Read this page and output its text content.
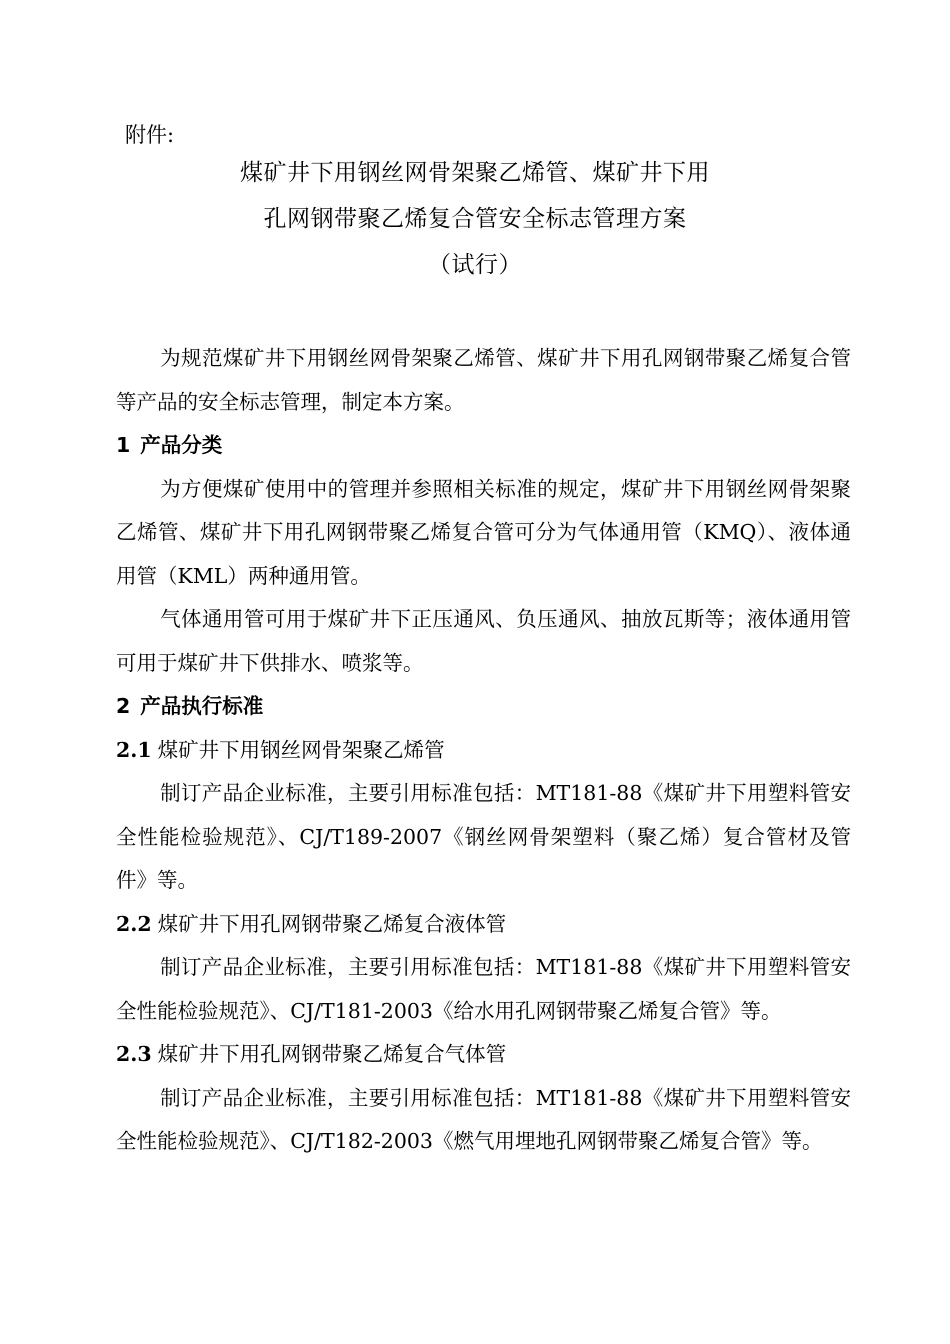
附件:
煤矿井下用钢丝网骨架聚乙烯管、煤矿井下用
孔网钢带聚乙烯复合管安全标志管理方案
（试行）

为规范煤矿井下用钢丝网骨架聚乙烯管、煤矿井下用孔网钢带聚乙烯复合管等产品的安全标志管理，制定本方案。

1 产品分类

为方便煤矿使用中的管理并参照相关标准的规定，煤矿井下用钢丝网骨架聚乙烯管、煤矿井下用孔网钢带聚乙烯复合管可分为气体通用管（KMQ）、液体通用管（KML）两种通用管。

气体通用管可用于煤矿井下正压通风、负压通风、抽放瓦斯等；液体通用管可用于煤矿井下供排水、喷浆等。

2 产品执行标准
2.1 煤矿井下用钢丝网骨架聚乙烯管

制订产品企业标准，主要引用标准包括：MT181-88《煤矿井下用塑料管安全性能检验规范》、CJ/T189-2007《钢丝网骨架塑料（聚乙烯）复合管材及管件》等。

2.2 煤矿井下用孔网钢带聚乙烯复合液体管

制订产品企业标准，主要引用标准包括：MT181-88《煤矿井下用塑料管安全性能检验规范》、CJ/T181-2003《给水用孔网钢带聚乙烯复合管》等。

2.3 煤矿井下用孔网钢带聚乙烯复合气体管

制订产品企业标准，主要引用标准包括：MT181-88《煤矿井下用塑料管安全性能检验规范》、CJ/T182-2003《燃气用埋地孔网钢带聚乙烯复合管》等。
